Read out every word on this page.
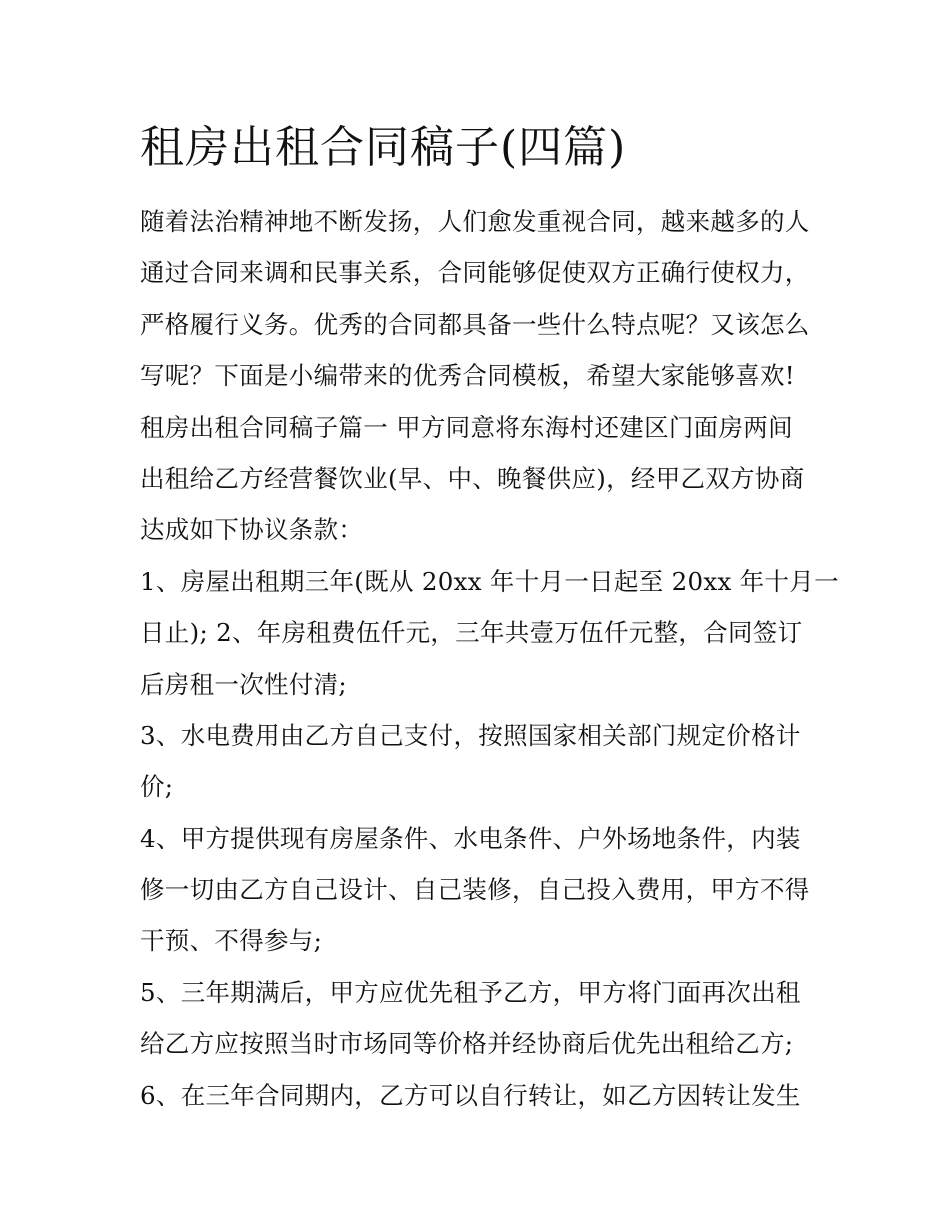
租房出租合同稿子(四篇)
随着法治精神地不断发扬，人们愈发重视合同，越来越多的人
通过合同来调和民事关系，合同能够促使双方正确行使权力，
严格履行义务。优秀的合同都具备一些什么特点呢？又该怎么
写呢？下面是小编带来的优秀合同模板，希望大家能够喜欢!
租房出租合同稿子篇一 甲方同意将东海村还建区门面房两间
出租给乙方经营餐饮业(早、中、晚餐供应)，经甲乙双方协商
达成如下协议条款：
1、房屋出租期三年(既从 20xx 年十月一日起至 20xx 年十月一
日止); 2、年房租费伍仟元，三年共壹万伍仟元整，合同签订
后房租一次性付清;
3、水电费用由乙方自己支付，按照国家相关部门规定价格计
价;
4、甲方提供现有房屋条件、水电条件、户外场地条件，内装
修一切由乙方自己设计、自己装修，自己投入费用，甲方不得
干预、不得参与;
5、三年期满后，甲方应优先租予乙方，甲方将门面再次出租
给乙方应按照当时市场同等价格并经协商后优先出租给乙方;
6、在三年合同期内，乙方可以自行转让，如乙方因转让发生
